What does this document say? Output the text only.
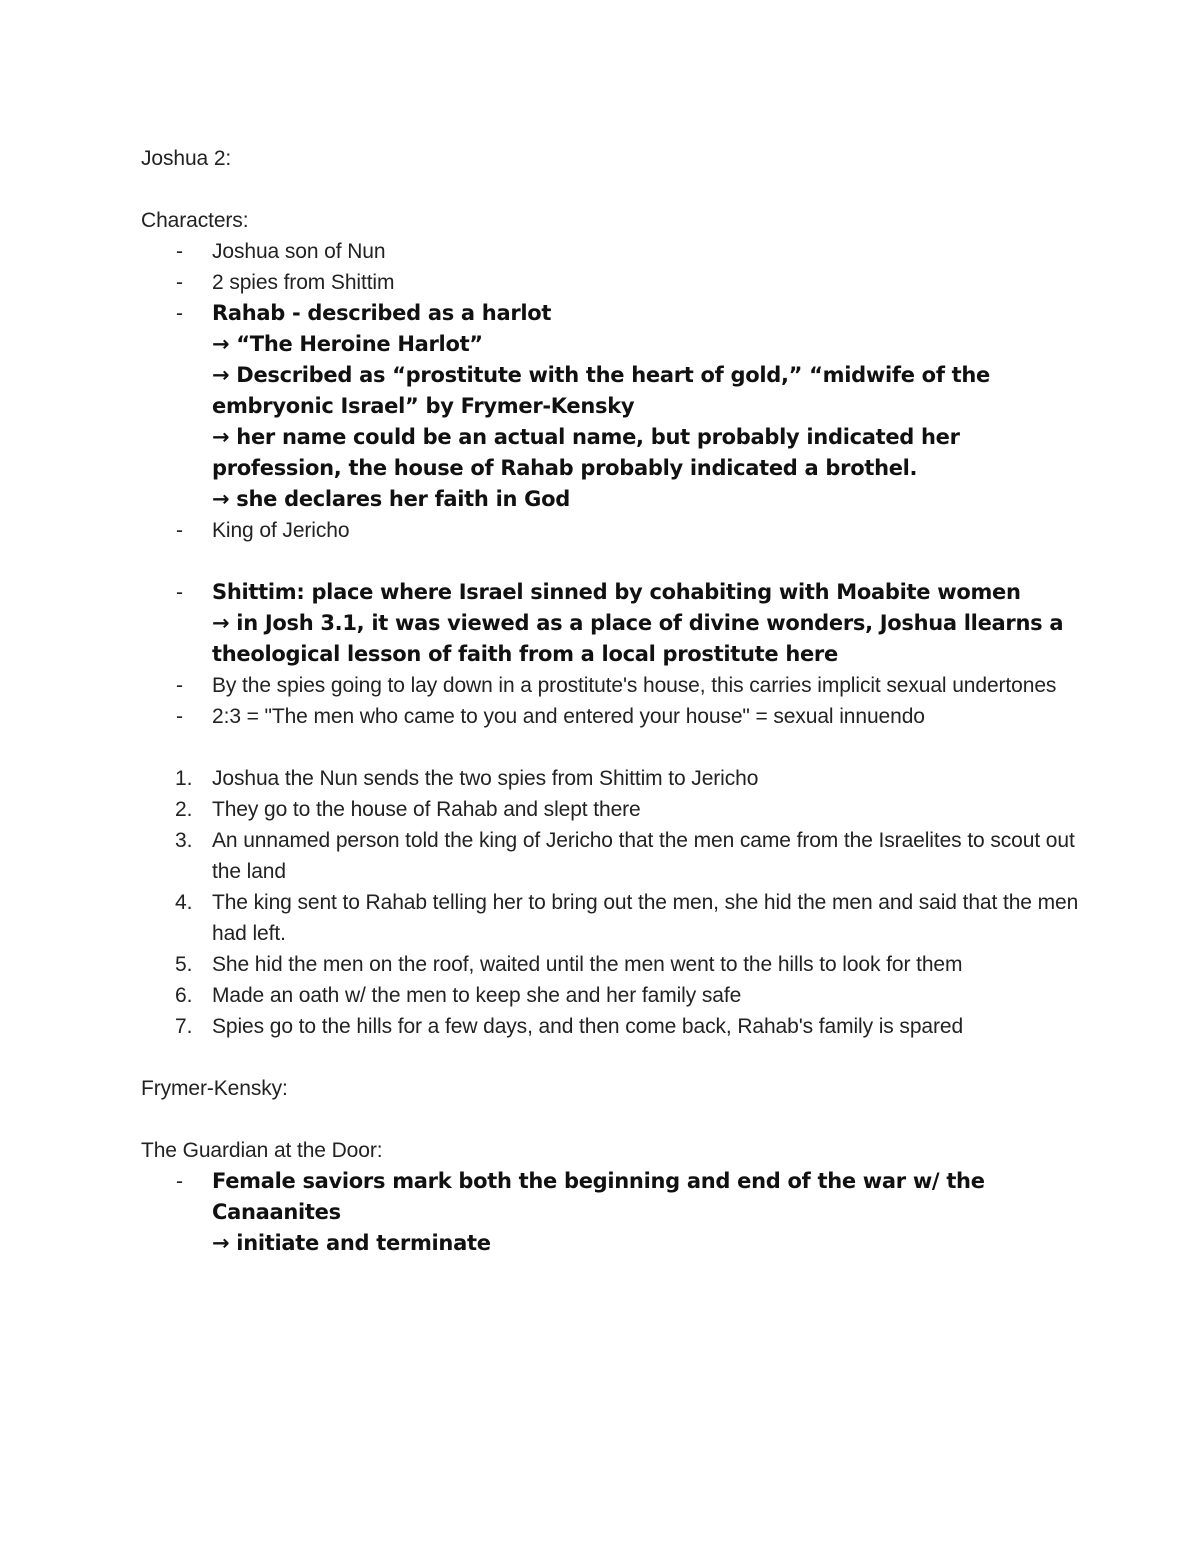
Joshua 2:

Characters:

- Joshua son of Nun
- 2 spies from Shittim
- Rahab - described as a harlot
→ “The Heroine Harlot”
→ Described as “prostitute with the heart of gold,” “midwife of the embryonic Israel” by Frymer-Kensky
→ her name could be an actual name, but probably indicated her profession, the house of Rahab probably indicated a brothel.
→ she declares her faith in God
- King of Jericho
- Shittim: place where Israel sinned by cohabiting with Moabite women
→ in Josh 3.1, it was viewed as a place of divine wonders, Joshua llearns a theological lesson of faith from a local prostitute here
- By the spies going to lay down in a prostitute's house, this carries implicit sexual undertones
- 2:3 = "The men who came to you and entered your house" = sexual innuendo
1. Joshua the Nun sends the two spies from Shittim to Jericho
2. They go to the house of Rahab and slept there
3. An unnamed person told the king of Jericho that the men came from the Israelites to scout out the land
4. The king sent to Rahab telling her to bring out the men, she hid the men and said that the men had left.
5. She hid the men on the roof, waited until the men went to the hills to look for them
6. Made an oath w/ the men to keep she and her family safe
7. Spies go to the hills for a few days, and then come back, Rahab's family is spared

Frymer-Kensky:

The Guardian at the Door:

- Female saviors mark both the beginning and end of the war w/ the Canaanites
→ initiate and terminate
